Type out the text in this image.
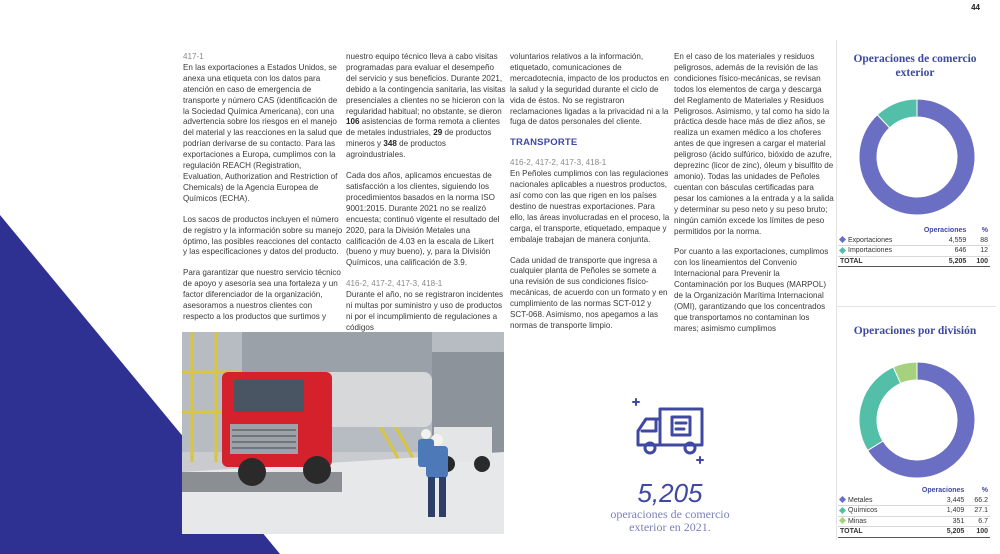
44

417-1

En las exportaciones a Estados Unidos, se anexa una etiqueta con los datos para atención en caso de emergencia de transporte y número CAS (identificación de la Sociedad Química Americana), con una advertencia sobre los riesgos en el manejo del material y las reacciones en la salud que podrían derivarse de su contacto. Para las exportaciones a Europa, cumplimos con la regulación REACH (Registration, Evaluation, Authorization and Restriction of Chemicals) de la Agencia Europea de Químicos (ECHA).

Los sacos de productos incluyen el número de registro y la información sobre su manejo óptimo, las posibles reacciones del contacto y las especificaciones y datos del producto.

Para garantizar que nuestro servicio técnico de apoyo y asesoría sea una fortaleza y un factor diferenciador de la organización, asesoramos a nuestros clientes con respecto a los productos que surtimos y

nuestro equipo técnico lleva a cabo visitas programadas para evaluar el desempeño del servicio y sus beneficios. Durante 2021, debido a la contingencia sanitaria, las visitas presenciales a clientes no se hicieron con la regularidad habitual; no obstante, se dieron 106 asistencias de forma remota a clientes de metales industriales, 29 de productos mineros y 348 de productos agroindustriales.

Cada dos años, aplicamos encuestas de satisfacción a los clientes, siguiendo los procedimientos basados en la norma ISO 9001:2015. Durante 2021 no se realizó encuesta; continuó vigente el resultado del 2020, para la División Metales una calificación de 4.03 en la escala de Likert (bueno y muy bueno), y, para la División Químicos, una calificación de 3.9.

416-2, 417-2, 417-3, 418-1

Durante el año, no se registraron incidentes ni multas por suministro y uso de productos ni por el incumplimiento de regulaciones a códigos

voluntarios relativos a la información, etiquetado, comunicaciones de mercadotecnia, impacto de los productos en la salud y la seguridad durante el ciclo de vida de éstos. No se registraron reclamaciones ligadas a la privacidad ni a la fuga de datos personales del cliente.

TRANSPORTE

416-2, 417-2, 417-3, 418-1

En Peñoles cumplimos con las regulaciones nacionales aplicables a nuestros productos, así como con las que rigen en los países destino de nuestras exportaciones. Para ello, las áreas involucradas en el proceso, la carga, el transporte, etiquetado, empaque y embalaje trabajan de manera conjunta.

Cada unidad de transporte que ingresa a cualquier planta de Peñoles se somete a una revisión de sus condiciones físico-mecánicas, de acuerdo con un formato y en cumplimiento de las normas SCT-012 y SCT-068. Asimismo, nos apegamos a las normas de transporte limpio.

En el caso de los materiales y residuos peligrosos, además de la revisión de las condiciones físico-mecánicas, se revisan todos los elementos de carga y descarga del Reglamento de Materiales y Residuos Peligrosos. Asimismo, y tal como ha sido la práctica desde hace más de diez años, se realiza un examen médico a los choferes antes de que ingresen a cargar el material peligroso (ácido sulfúrico, bióxido de azufre, deprezinc (licor de zinc), óleum y bisulfito de amonio). Todas las unidades de Peñoles cuentan con básculas certificadas para pesar los camiones a la entrada y a la salida y determinar su peso neto y su peso bruto; ningún camión excede los límites de peso permitidos por la norma.

Por cuanto a las exportaciones, cumplimos con los lineamientos del Convenio Internacional para Prevenir la Contaminación por los Buques (MARPOL) de la Organización Marítima Internacional (OMI), garantizando que los concentrados que transportamos no contaminan los mares; asimismo cumplimos

5,205
operaciones de comercio
exterior en 2021.
Operaciones de comercio exterior
	Operaciones	%
Exportaciones	4,559	88
Importaciones	646	12
TOTAL	5,205	100
Operaciones por división
	Operaciones	%
Metales	3,445	66.2
Químicos	1,409	27.1
Minas	351	6.7
TOTAL	5,205	100
